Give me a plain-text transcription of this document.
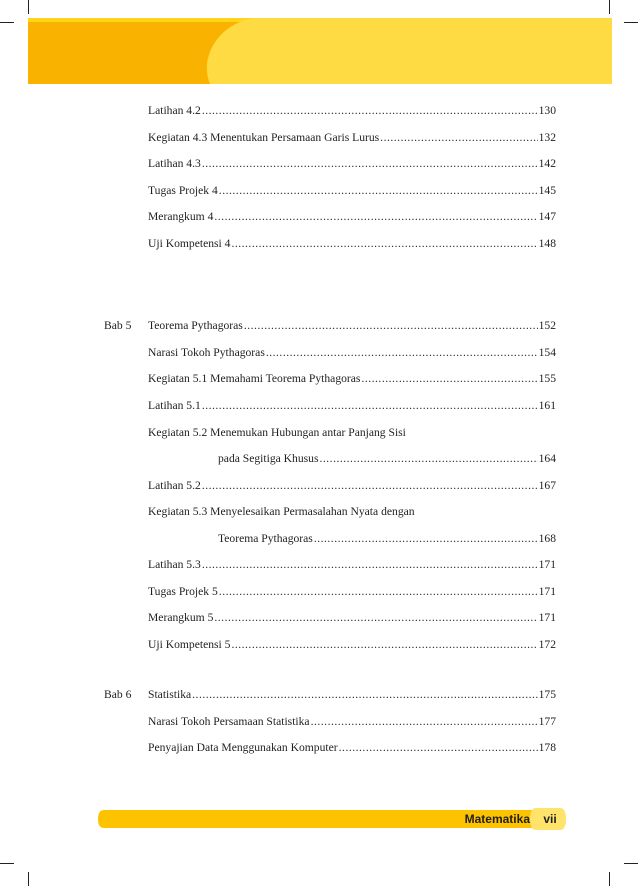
Latihan 4.2 .....	130
Kegiatan 4.3 Menentukan Persamaan Garis Lurus .....	132
Latihan 4.3 .....	142
Tugas Projek 4 .....	145
Merangkum 4 .....	147
Uji Kompetensi 4 .....	148
Bab 5 Teorema Pythagoras .....	152
Narasi Tokoh Pythagoras .....	154
Kegiatan 5.1 Memahami Teorema Pythagoras .....	155
Latihan 5.1 .....	161
Kegiatan 5.2 Menemukan Hubungan antar Panjang Sisi
pada Segitiga Khusus .....	164
Latihan 5.2 .....	167
Kegiatan 5.3 Menyelesaikan Permasalahan Nyata dengan
Teorema Pythagoras .....	168
Latihan 5.3 .....	171
Tugas Projek 5 .....	171
Merangkum 5 .....	171
Uji Kompetensi 5 .....	172
Bab 6 Statistika .....	175
Narasi Tokoh Persamaan Statistika .....	177
Penyajian Data Menggunakan Komputer .....	178
Matematika	vii
